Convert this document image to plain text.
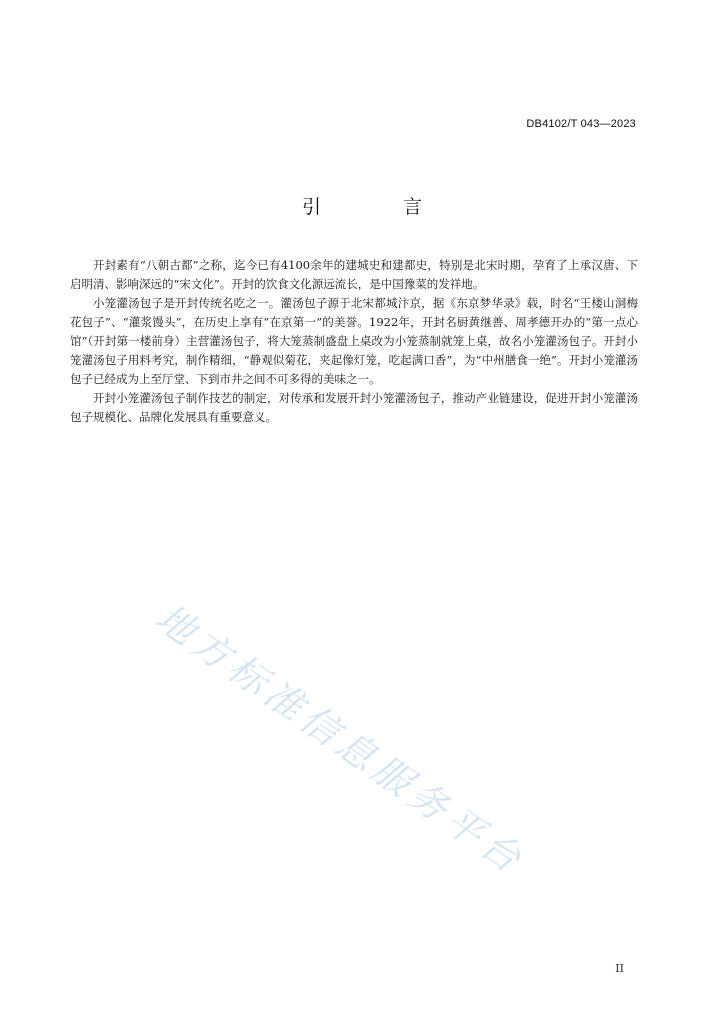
DB4102/T 043—2023
引 言

开封素有“八朝古都”之称，迄今已有4100余年的建城史和建都史，特别是北宋时期，孕育了上承汉唐、下启明清、影响深远的“宋文化”。开封的饮食文化源远流长，是中国豫菜的发祥地。

小笼灌汤包子是开封传统名吃之一。灌汤包子源于北宋都城汴京，据《东京梦华录》载，时名“王楼山洞梅花包子”、“灌浆馒头”，在历史上享有“在京第一”的美誉。1922年，开封名厨黄继善、周孝德开办的“第一点心馆”（开封第一楼前身）主营灌汤包子，将大笼蒸制盛盘上桌改为小笼蒸制就笼上桌，故名小笼灌汤包子。开封小笼灌汤包子用料考究，制作精细，“静观似菊花，夹起像灯笼，吃起满口香”，为“中州膳食一绝”。开封小笼灌汤包子已经成为上至厅堂、下到市井之间不可多得的美味之一。

开封小笼灌汤包子制作技艺的制定，对传承和发展开封小笼灌汤包子，推动产业链建设，促进开封小笼灌汤包子规模化、品牌化发展具有重要意义。

地方标准信息服务平台
II
